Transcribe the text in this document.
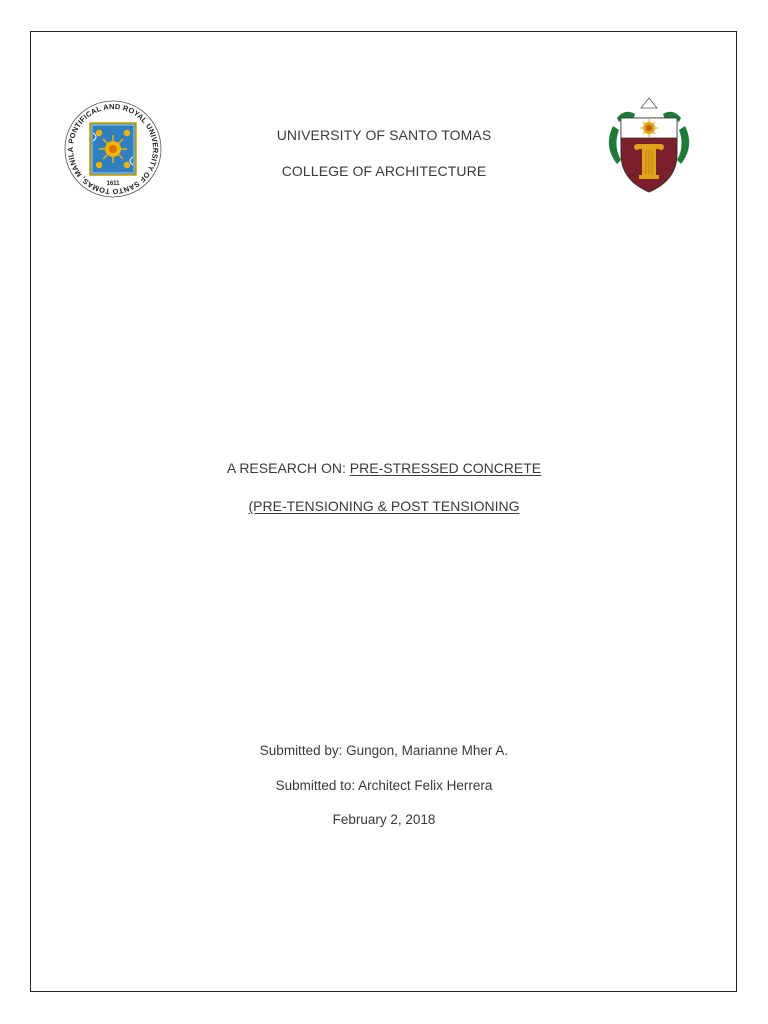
PONTIFICAL AND ROYAL UNIVERSITY OF SANTO TOMAS, MANILA
1611
UNIVERSITY OF SANTO TOMAS
COLLEGE OF ARCHITECTURE
A RESEARCH ON: PRE-STRESSED CONCRETE
(PRE-TENSIONING & POST TENSIONING
Submitted by: Gungon, Marianne Mher A.
Submitted to: Architect Felix Herrera
February 2, 2018
